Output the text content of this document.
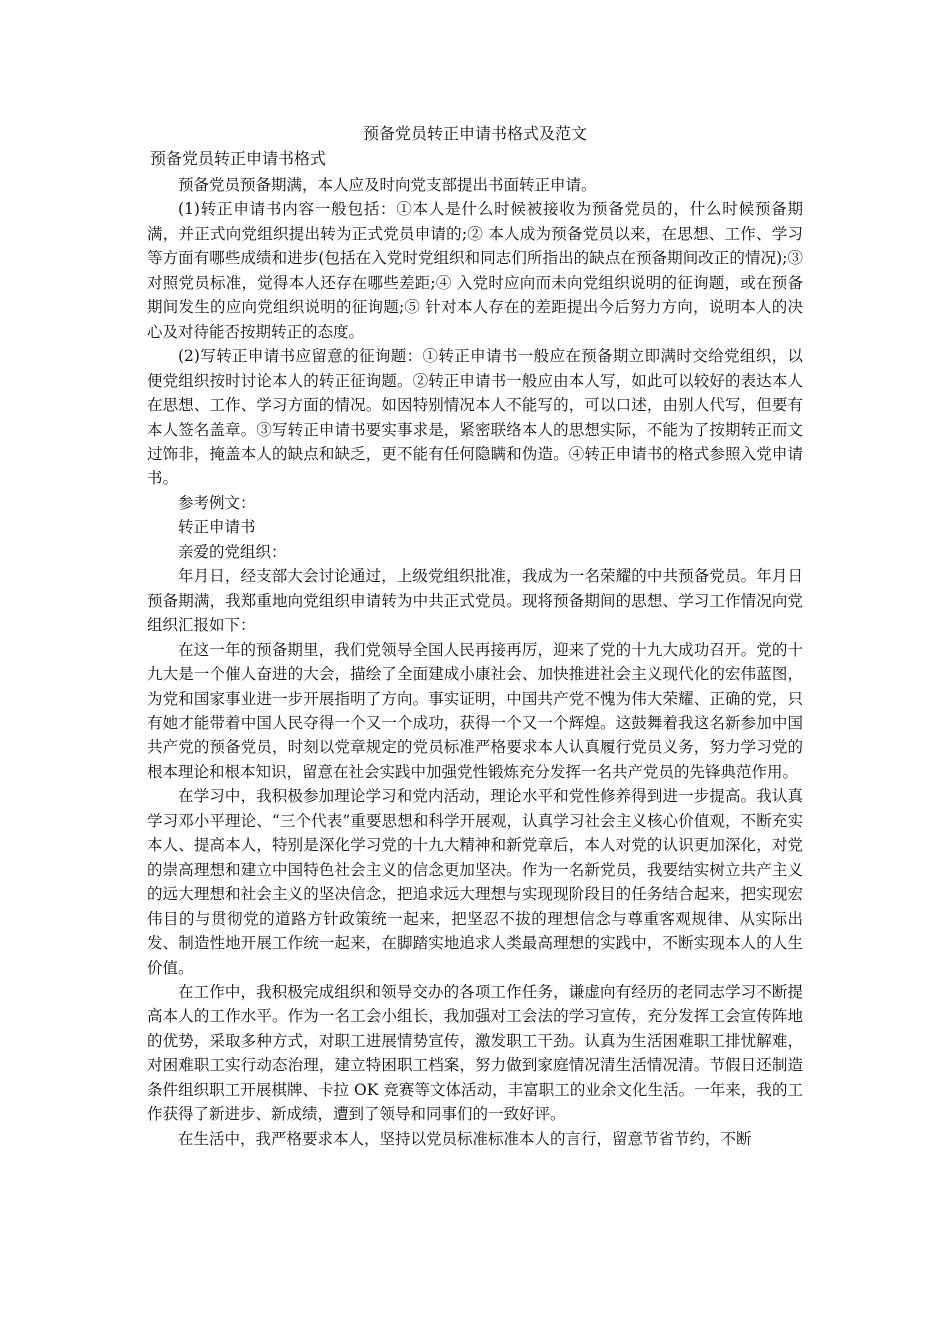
预备党员转正申请书格式及范文
预备党员转正申请书格式

预备党员预备期满，本人应及时向党支部提出书面转正申请。

(1)转正申请书内容一般包括：①本人是什么时候被接收为预备党员的，什么时候预备期满，并正式向党组织提出转为正式党员申请的;② 本人成为预备党员以来，在思想、工作、学习等方面有哪些成绩和进步(包括在入党时党组织和同志们所指出的缺点在预备期间改正的情况);③ 对照党员标准，觉得本人还存在哪些差距;④ 入党时应向而未向党组织说明的征询题，或在预备期间发生的应向党组织说明的征询题;⑤ 针对本人存在的差距提出今后努力方向，说明本人的决心及对待能否按期转正的态度。

(2)写转正申请书应留意的征询题：①转正申请书一般应在预备期立即满时交给党组织，以便党组织按时讨论本人的转正征询题。②转正申请书一般应由本人写，如此可以较好的表达本人在思想、工作、学习方面的情况。如因特别情况本人不能写的，可以口述，由别人代写，但要有本人签名盖章。③写转正申请书要实事求是，紧密联络本人的思想实际，不能为了按期转正而文过饰非，掩盖本人的缺点和缺乏，更不能有任何隐瞒和伪造。④转正申请书的格式参照入党申请书。

参考例文：

转正申请书

亲爱的党组织：

年月日，经支部大会讨论通过，上级党组织批准，我成为一名荣耀的中共预备党员。年月日预备期满，我郑重地向党组织申请转为中共正式党员。现将预备期间的思想、学习工作情况向党组织汇报如下：

在这一年的预备期里，我们党领导全国人民再接再厉，迎来了党的十九大成功召开。党的十九大是一个催人奋进的大会，描绘了全面建成小康社会、加快推进社会主义现代化的宏伟蓝图，为党和国家事业进一步开展指明了方向。事实证明，中国共产党不愧为伟大荣耀、正确的党，只有她才能带着中国人民夺得一个又一个成功，获得一个又一个辉煌。这鼓舞着我这名新参加中国共产党的预备党员，时刻以党章规定的党员标准严格要求本人认真履行党员义务，努力学习党的根本理论和根本知识，留意在社会实践中加强党性锻炼充分发挥一名共产党员的先锋典范作用。

在学习中，我积极参加理论学习和党内活动，理论水平和党性修养得到进一步提高。我认真学习邓小平理论、“三个代表”重要思想和科学开展观，认真学习社会主义核心价值观，不断充实本人、提高本人，特别是深化学习党的十九大精神和新党章后，本人对党的认识更加深化，对党的崇高理想和建立中国特色社会主义的信念更加坚决。作为一名新党员，我要结实树立共产主义的远大理想和社会主义的坚决信念，把追求远大理想与实现现阶段目的任务结合起来，把实现宏伟目的与贯彻党的道路方针政策统一起来，把坚忍不拔的理想信念与尊重客观规律、从实际出发、制造性地开展工作统一起来，在脚踏实地追求人类最高理想的实践中，不断实现本人的人生价值。

在工作中，我积极完成组织和领导交办的各项工作任务，谦虚向有经历的老同志学习不断提高本人的工作水平。作为一名工会小组长，我加强对工会法的学习宣传，充分发挥工会宣传阵地的优势，采取多种方式，对职工进展情势宣传，激发职工干劲。认真为生活困难职工排忧解难，对困难职工实行动态治理，建立特困职工档案，努力做到家庭情况清生活情况清。节假日还制造条件组织职工开展棋牌、卡拉 OK 竞赛等文体活动，丰富职工的业余文化生活。一年来，我的工作获得了新进步、新成绩，遭到了领导和同事们的一致好评。

在生活中，我严格要求本人，坚持以党员标准标准本人的言行，留意节省节约，不断
